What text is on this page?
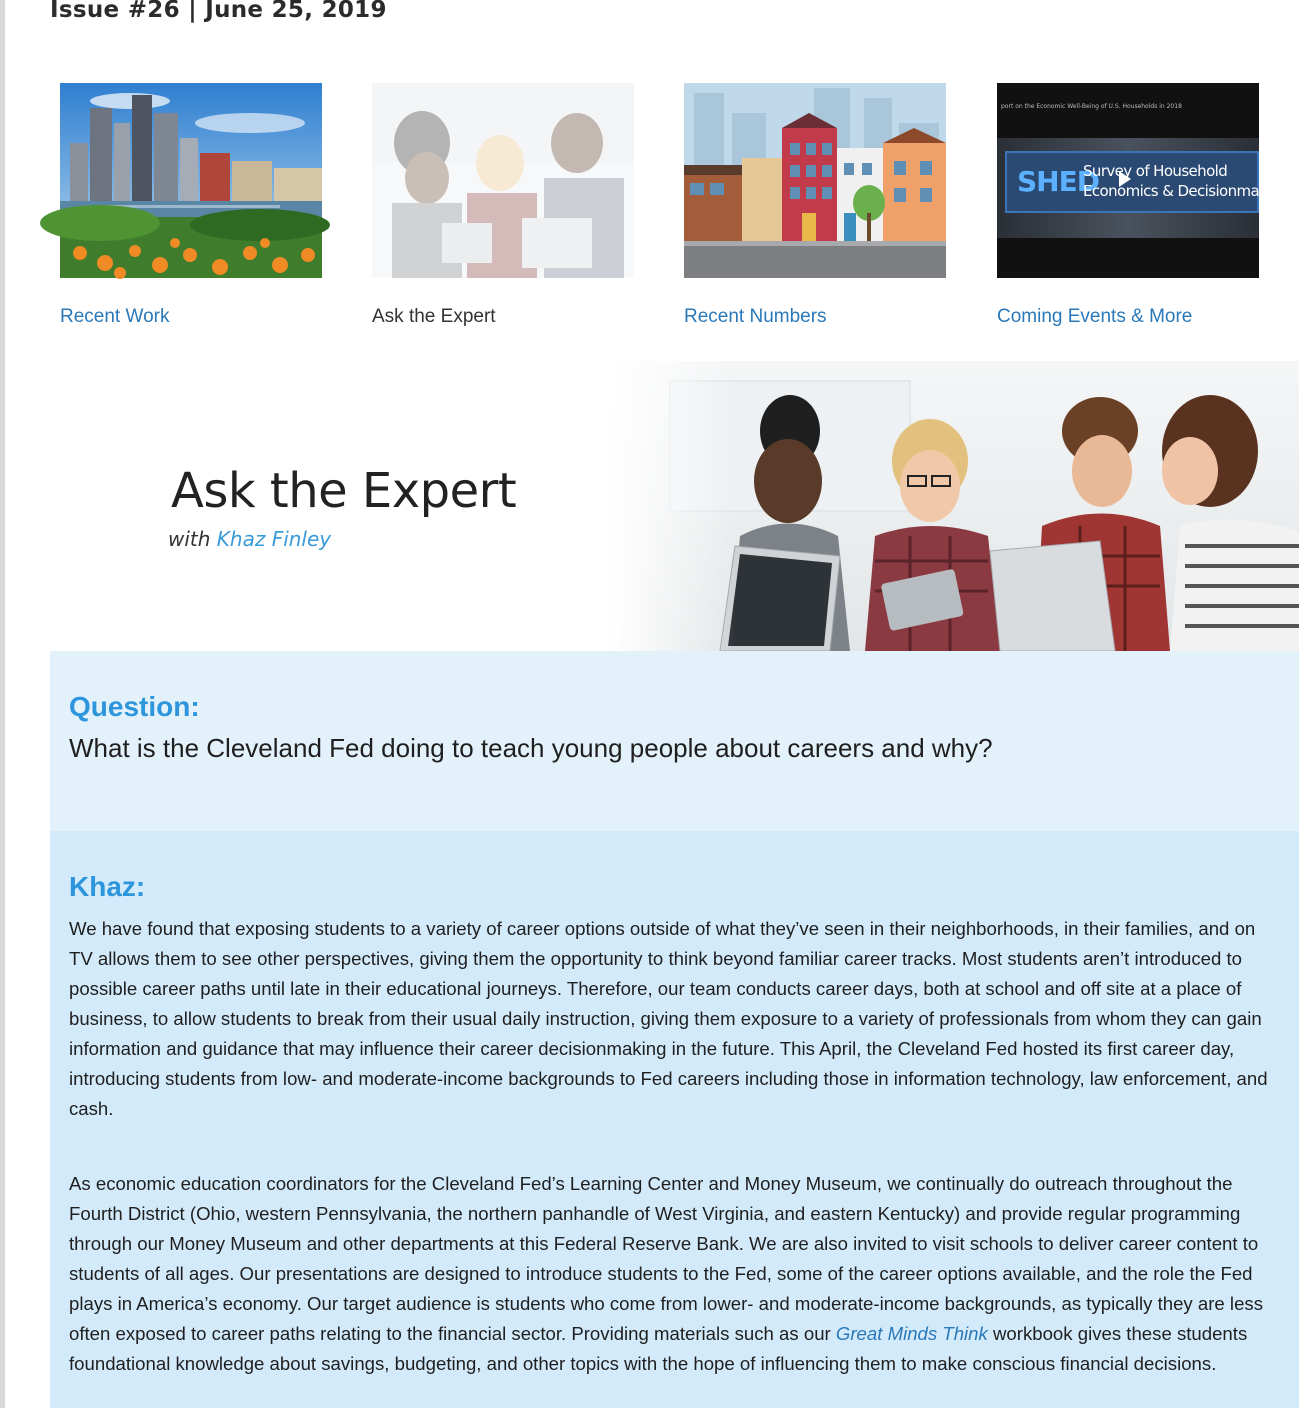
Issue #26 | June 25, 2019
Recent Work	Ask the Expert	Recent Numbers
port on the Economic Well-Being of U.S. Households in 2018
SHED
Survey of Household
Economics & Decisionmaking
Coming Events & More
Ask the Expert
with Khaz Finley
Question:

What is the Cleveland Fed doing to teach young people about careers and why?

Khaz:

We have found that exposing students to a variety of career options outside of what they’ve seen in their neighborhoods, in their families, and on TV allows them to see other perspectives, giving them the opportunity to think beyond familiar career tracks. Most students aren’t introduced to possible career paths until late in their educational journeys. Therefore, our team conducts career days, both at school and off site at a place of business, to allow students to break from their usual daily instruction, giving them exposure to a variety of professionals from whom they can gain information and guidance that may influence their career decisionmaking in the future. This April, the Cleveland Fed hosted its first career day, introducing students from low- and moderate-income backgrounds to Fed careers including those in information technology, law enforcement, and cash.

As economic education coordinators for the Cleveland Fed’s Learning Center and Money Museum, we continually do outreach throughout the Fourth District (Ohio, western Pennsylvania, the northern panhandle of West Virginia, and eastern Kentucky) and provide regular programming through our Money Museum and other departments at this Federal Reserve Bank. We are also invited to visit schools to deliver career content to students of all ages. Our presentations are designed to introduce students to the Fed, some of the career options available, and the role the Fed plays in America’s economy. Our target audience is students who come from lower- and moderate-income backgrounds, as typically they are less often exposed to career paths relating to the financial sector. Providing materials such as our Great Minds Think workbook gives these students foundational knowledge about savings, budgeting, and other topics with the hope of influencing them to make conscious financial decisions.
